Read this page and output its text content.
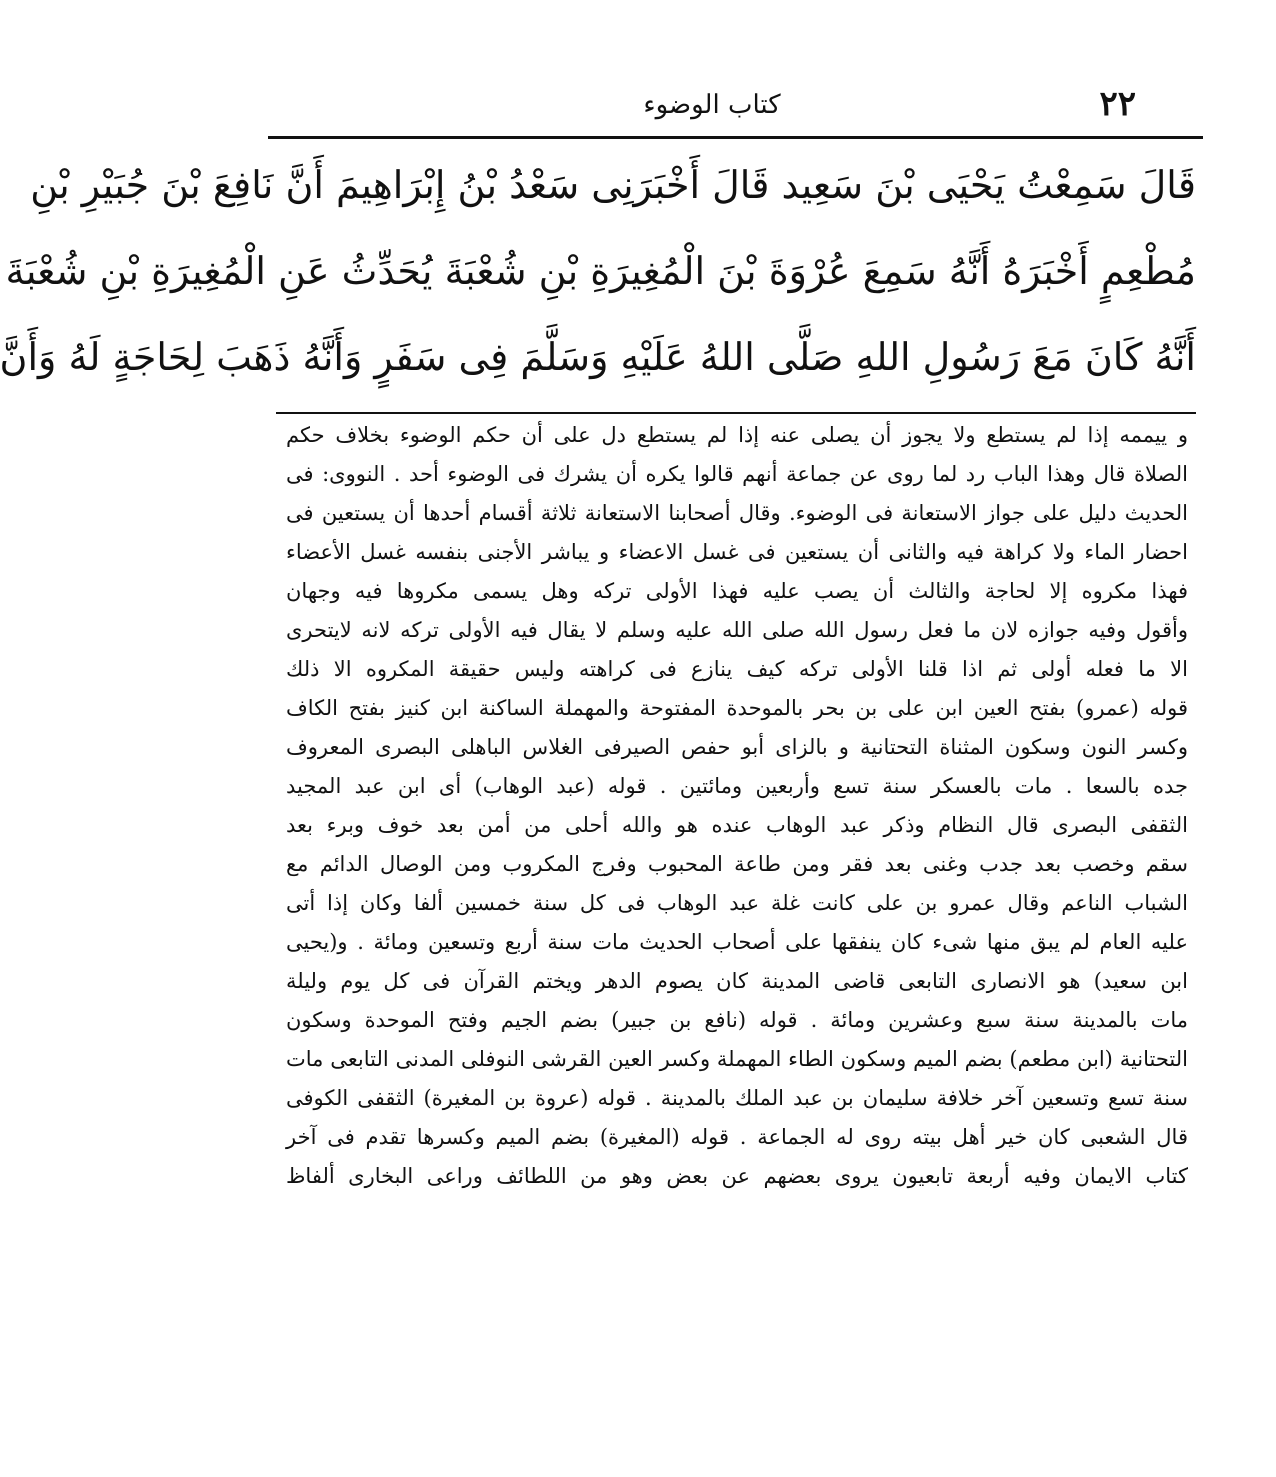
٢٢
كتاب الوضوء
قَالَ سَمِعْتُ يَحْيَى بْنَ سَعِيد قَالَ أَخْبَرَنِى سَعْدُ بْنُ إِبْرَاهِيمَ أَنَّ نَافِعَ بْنَ جُبَيْرِ بْنِ
مُطْعِمٍ أَخْبَرَهُ أَنَّهُ سَمِعَ عُرْوَةَ بْنَ الْمُغِيرَةِ بْنِ شُعْبَةَ يُحَدِّثُ عَنِ الْمُغِيرَةِ بْنِ شُعْبَةَ
أَنَّهُ كَانَ مَعَ رَسُولِ اللهِ صَلَّى اللهُ عَلَيْهِ وَسَلَّمَ فِى سَفَرٍ وَأَنَّهُ ذَهَبَ لِحَاجَةٍ لَهُ وَأَنَّ
و ييممه إذا لم يستطع ولا يجوز أن يصلى عنه إذا لم يستطع دل على أن حكم الوضوء بخلاف حكم
الصلاة قال وهذا الباب رد لما روى عن جماعة أنهم قالوا يكره أن يشرك فى الوضوء أحد . النووى: فى
الحديث دليل على جواز الاستعانة فى الوضوء. وقال أصحابنا الاستعانة ثلاثة أقسام أحدها أن يستعين فى
احضار الماء ولا كراهة فيه والثانى أن يستعين فى غسل الاعضاء و يباشر الأجنى بنفسه غسل الأعضاء
فهذا مكروه إلا لحاجة والثالث أن يصب عليه فهذا الأولى تركه وهل يسمى مكروها فيه وجهان
وأقول وفيه جوازه لان ما فعل رسول الله صلى الله عليه وسلم لا يقال فيه الأولى تركه لانه لايتحرى
الا ما فعله أولى ثم اذا قلنا الأولى تركه كيف ينازع فى كراهته وليس حقيقة المكروه الا ذلك
قوله (عمرو) بفتح العين ابن على بن بحر بالموحدة المفتوحة والمهملة الساكنة ابن كنيز بفتح الكاف
وكسر النون وسكون المثناة التحتانية و بالزاى أبو حفص الصيرفى الغلاس الباهلى البصرى المعروف
جده بالسعا . مات بالعسكر سنة تسع وأربعين ومائتين . قوله (عبد الوهاب) أى ابن عبد المجيد
الثقفى البصرى قال النظام وذكر عبد الوهاب عنده هو والله أحلى من أمن بعد خوف وبرء بعد
سقم وخصب بعد جدب وغنى بعد فقر ومن طاعة المحبوب وفرج المكروب ومن الوصال الدائم مع
الشباب الناعم وقال عمرو بن على كانت غلة عبد الوهاب فى كل سنة خمسين ألفا وكان إذا أتى
عليه العام لم يبق منها شىء كان ينفقها على أصحاب الحديث مات سنة أربع وتسعين ومائة . و(يحيى
ابن سعيد) هو الانصارى التابعى قاضى المدينة كان يصوم الدهر ويختم القرآن فى كل يوم وليلة
مات بالمدينة سنة سبع وعشرين ومائة . قوله (نافع بن جبير) بضم الجيم وفتح الموحدة وسكون
التحتانية (ابن مطعم) بضم الميم وسكون الطاء المهملة وكسر العين القرشى النوفلى المدنى التابعى مات
سنة تسع وتسعين آخر خلافة سليمان بن عبد الملك بالمدينة . قوله (عروة بن المغيرة) الثقفى الكوفى
قال الشعبى كان خير أهل بيته روى له الجماعة . قوله (المغيرة) بضم الميم وكسرها تقدم فى آخر
كتاب الايمان وفيه أربعة تابعيون يروى بعضهم عن بعض وهو من اللطائف وراعى البخارى ألفاظ
